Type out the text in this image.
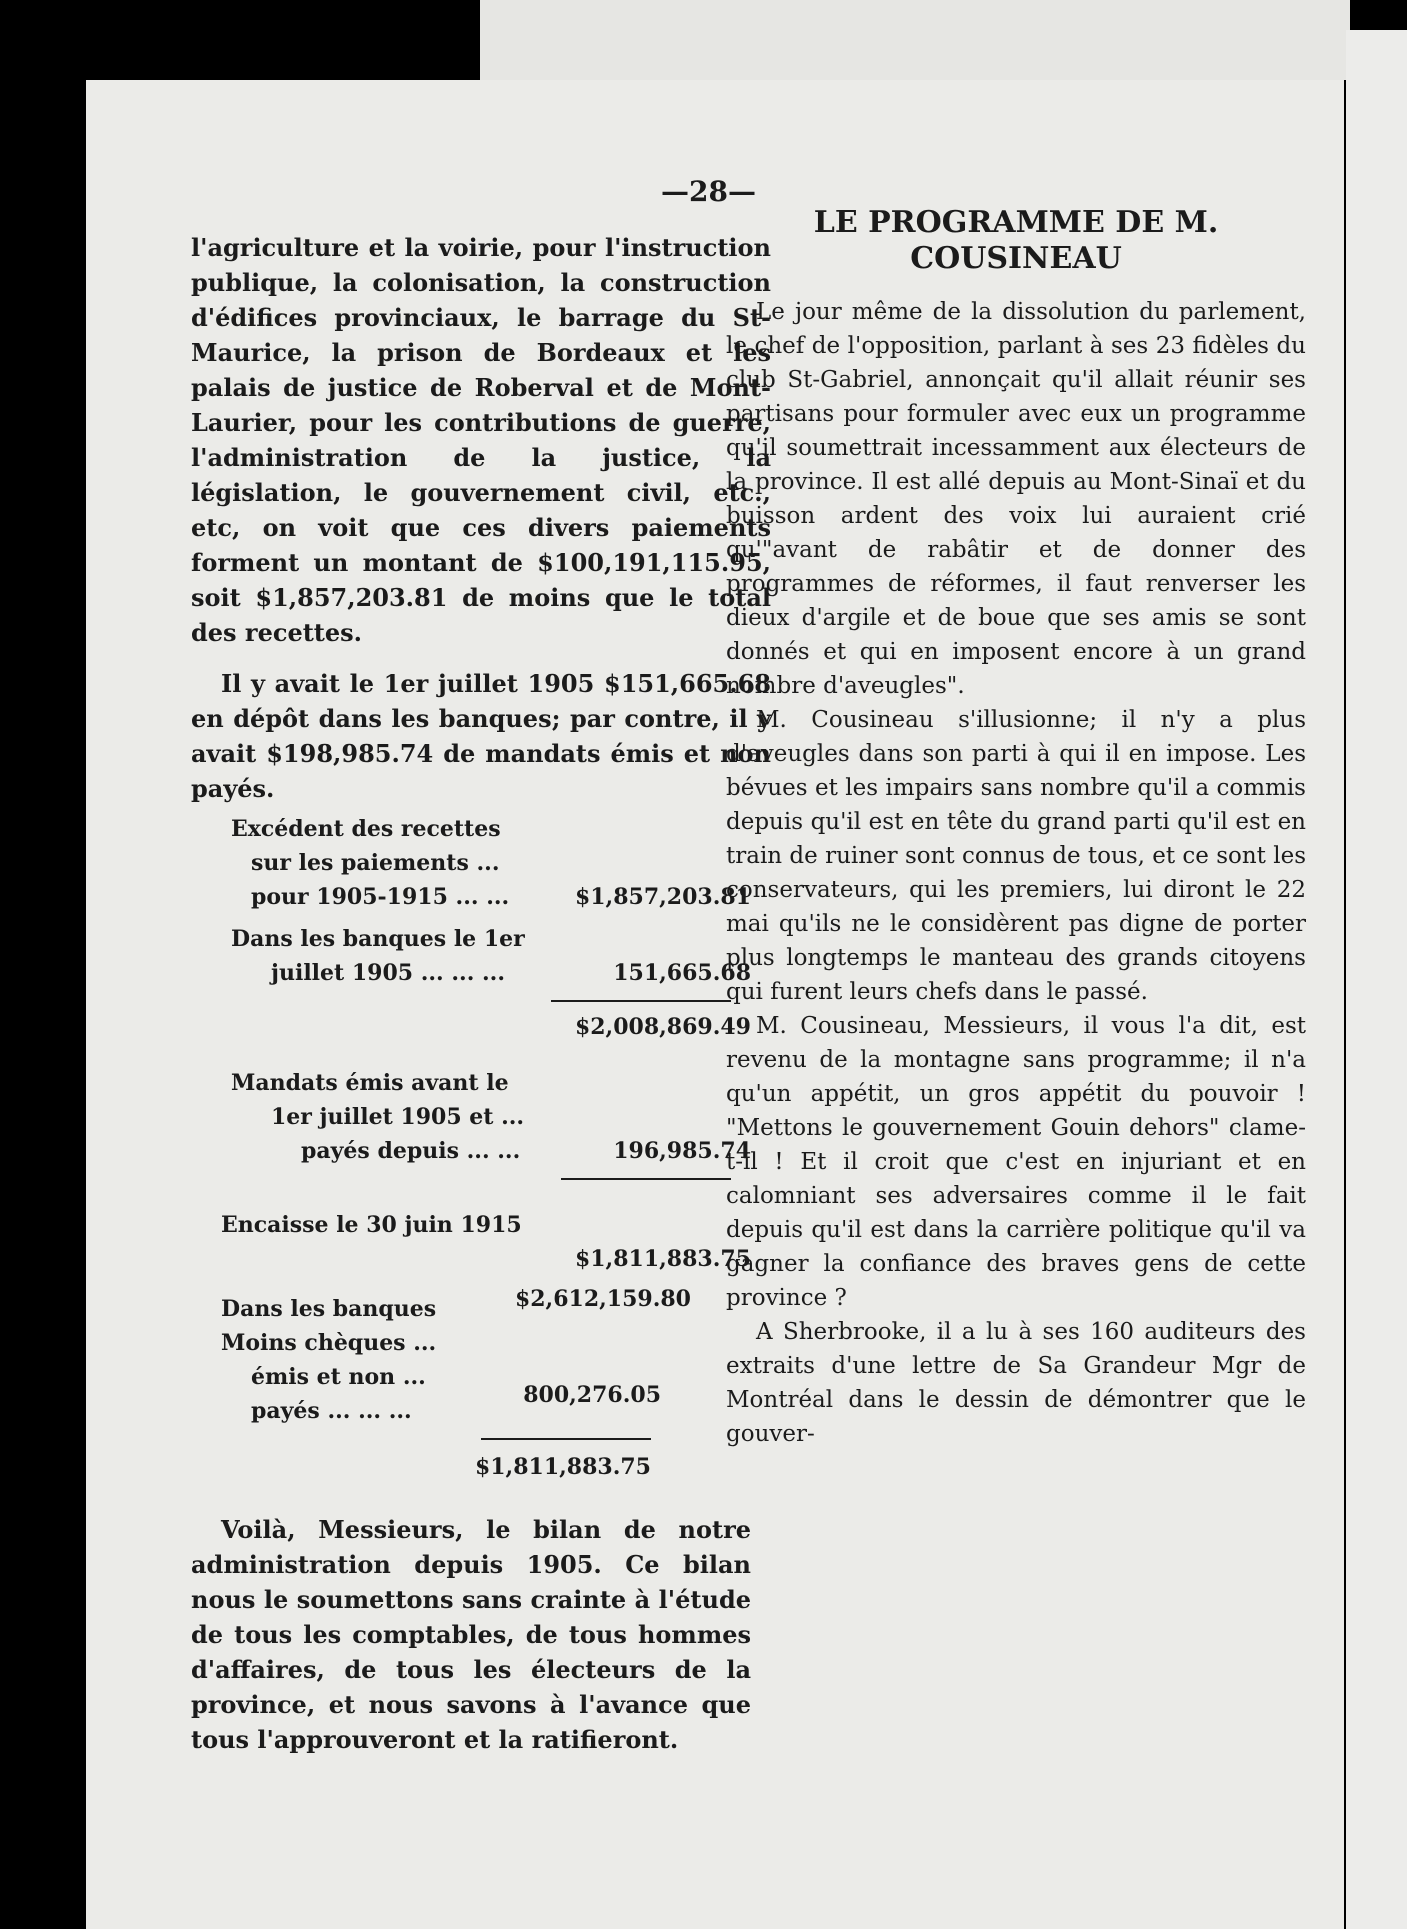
—28—

l'agriculture et la voirie, pour l'instruction publique, la colonisation, la construction d'édifices provinciaux, le barrage du St-Maurice, la prison de Bordeaux et les palais de justice de Roberval et de Mont-Laurier, pour les contributions de guerre, l'administration de la justice, la législation, le gouvernement civil, etc., etc, on voit que ces divers paiements forment un montant de $100,191,115.95, soit $1,857,203.81 de moins que le total des recettes.

Il y avait le 1er juillet 1905 $151,665.68 en dépôt dans les banques; par contre, il y avait $198,985.74 de mandats émis et non payés.

Excédent des recettes
sur les paiements ...
pour 1905-1915 ... ...	$1,857,203.81
Dans les banques le 1er
juillet 1905 ... ... ...	151,665.68
$2,008,869.49
Mandats émis avant le
1er juillet 1905 et ...
payés depuis ... ...	196,985.74
Encaisse le 30 juin 1915
$1,811,883.75
Dans les banques	$2,612,159.80
Moins chèques ...
émis et non ...
payés ... ... ...
800,276.05
$1,811,883.75

Voilà, Messieurs, le bilan de notre administration depuis 1905. Ce bilan nous le soumettons sans crainte à l'étude de tous les comptables, de tous hommes d'affaires, de tous les électeurs de la province, et nous savons à l'avance que tous l'approuveront et la ratifieront.

LE PROGRAMME DE M. COUSINEAU

Le jour même de la dissolution du parlement, le chef de l'opposition, parlant à ses 23 fidèles du club St-Gabriel, annonçait qu'il allait réunir ses partisans pour formuler avec eux un programme qu'il soumettrait incessamment aux électeurs de la province. Il est allé depuis au Mont-Sinaï et du buisson ardent des voix lui auraient crié qu'"avant de rabâtir et de donner des programmes de réformes, il faut renverser les dieux d'argile et de boue que ses amis se sont donnés et qui en imposent encore à un grand nombre d'aveugles".

M. Cousineau s'illusionne; il n'y a plus d'aveugles dans son parti à qui il en impose. Les bévues et les impairs sans nombre qu'il a commis depuis qu'il est en tête du grand parti qu'il est en train de ruiner sont connus de tous, et ce sont les conservateurs, qui les premiers, lui diront le 22 mai qu'ils ne le considèrent pas digne de porter plus longtemps le manteau des grands citoyens qui furent leurs chefs dans le passé.

M. Cousineau, Messieurs, il vous l'a dit, est revenu de la montagne sans programme; il n'a qu'un appétit, un gros appétit du pouvoir ! "Mettons le gouvernement Gouin dehors" clame-t-il ! Et il croit que c'est en injuriant et en calomniant ses adversaires comme il le fait depuis qu'il est dans la carrière politique qu'il va gagner la confiance des braves gens de cette province ?

A Sherbrooke, il a lu à ses 160 auditeurs des extraits d'une lettre de Sa Grandeur Mgr de Montréal dans le dessin de démontrer que le gouver-
